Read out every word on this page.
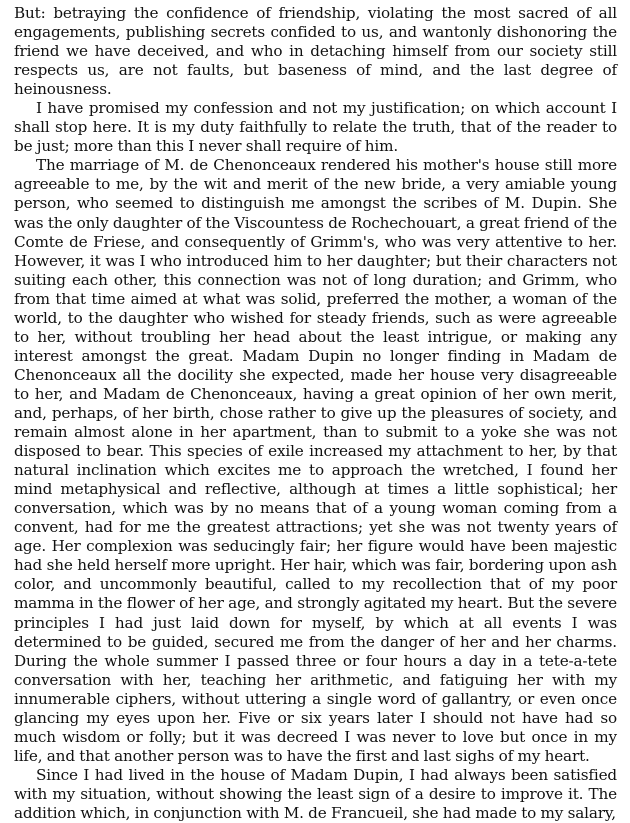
But: betraying the confidence of friendship, violating the most sacred of all engagements, publishing secrets confided to us, and wantonly dishonoring the friend we have deceived, and who in detaching himself from our society still respects us, are not faults, but baseness of mind, and the last degree of heinousness.

I have promised my confession and not my justification; on which account I shall stop here. It is my duty faithfully to relate the truth, that of the reader to be just; more than this I never shall require of him.

The marriage of M. de Chenonceaux rendered his mother's house still more agreeable to me, by the wit and merit of the new bride, a very amiable young person, who seemed to distinguish me amongst the scribes of M. Dupin. She was the only daughter of the Viscountess de Rochechouart, a great friend of the Comte de Friese, and consequently of Grimm's, who was very attentive to her. However, it was I who introduced him to her daughter; but their characters not suiting each other, this connection was not of long duration; and Grimm, who from that time aimed at what was solid, preferred the mother, a woman of the world, to the daughter who wished for steady friends, such as were agreeable to her, without troubling her head about the least intrigue, or making any interest amongst the great. Madam Dupin no longer finding in Madam de Chenonceaux all the docility she expected, made her house very disagreeable to her, and Madam de Chenonceaux, having a great opinion of her own merit, and, perhaps, of her birth, chose rather to give up the pleasures of society, and remain almost alone in her apartment, than to submit to a yoke she was not disposed to bear. This species of exile increased my attachment to her, by that natural inclination which excites me to approach the wretched, I found her mind metaphysical and reflective, although at times a little sophistical; her conversation, which was by no means that of a young woman coming from a convent, had for me the greatest attractions; yet she was not twenty years of age. Her complexion was seducingly fair; her figure would have been majestic had she held herself more upright. Her hair, which was fair, bordering upon ash color, and uncommonly beautiful, called to my recollection that of my poor mamma in the flower of her age, and strongly agitated my heart. But the severe principles I had just laid down for myself, by which at all events I was determined to be guided, secured me from the danger of her and her charms. During the whole summer I passed three or four hours a day in a tete-a-tete conversation with her, teaching her arithmetic, and fatiguing her with my innumerable ciphers, without uttering a single word of gallantry, or even once glancing my eyes upon her. Five or six years later I should not have had so much wisdom or folly; but it was decreed I was never to love but once in my life, and that another person was to have the first and last sighs of my heart.

Since I had lived in the house of Madam Dupin, I had always been satisfied with my situation, without showing the least sign of a desire to improve it. The addition which, in conjunction with M. de Francueil, she had made to my salary,
